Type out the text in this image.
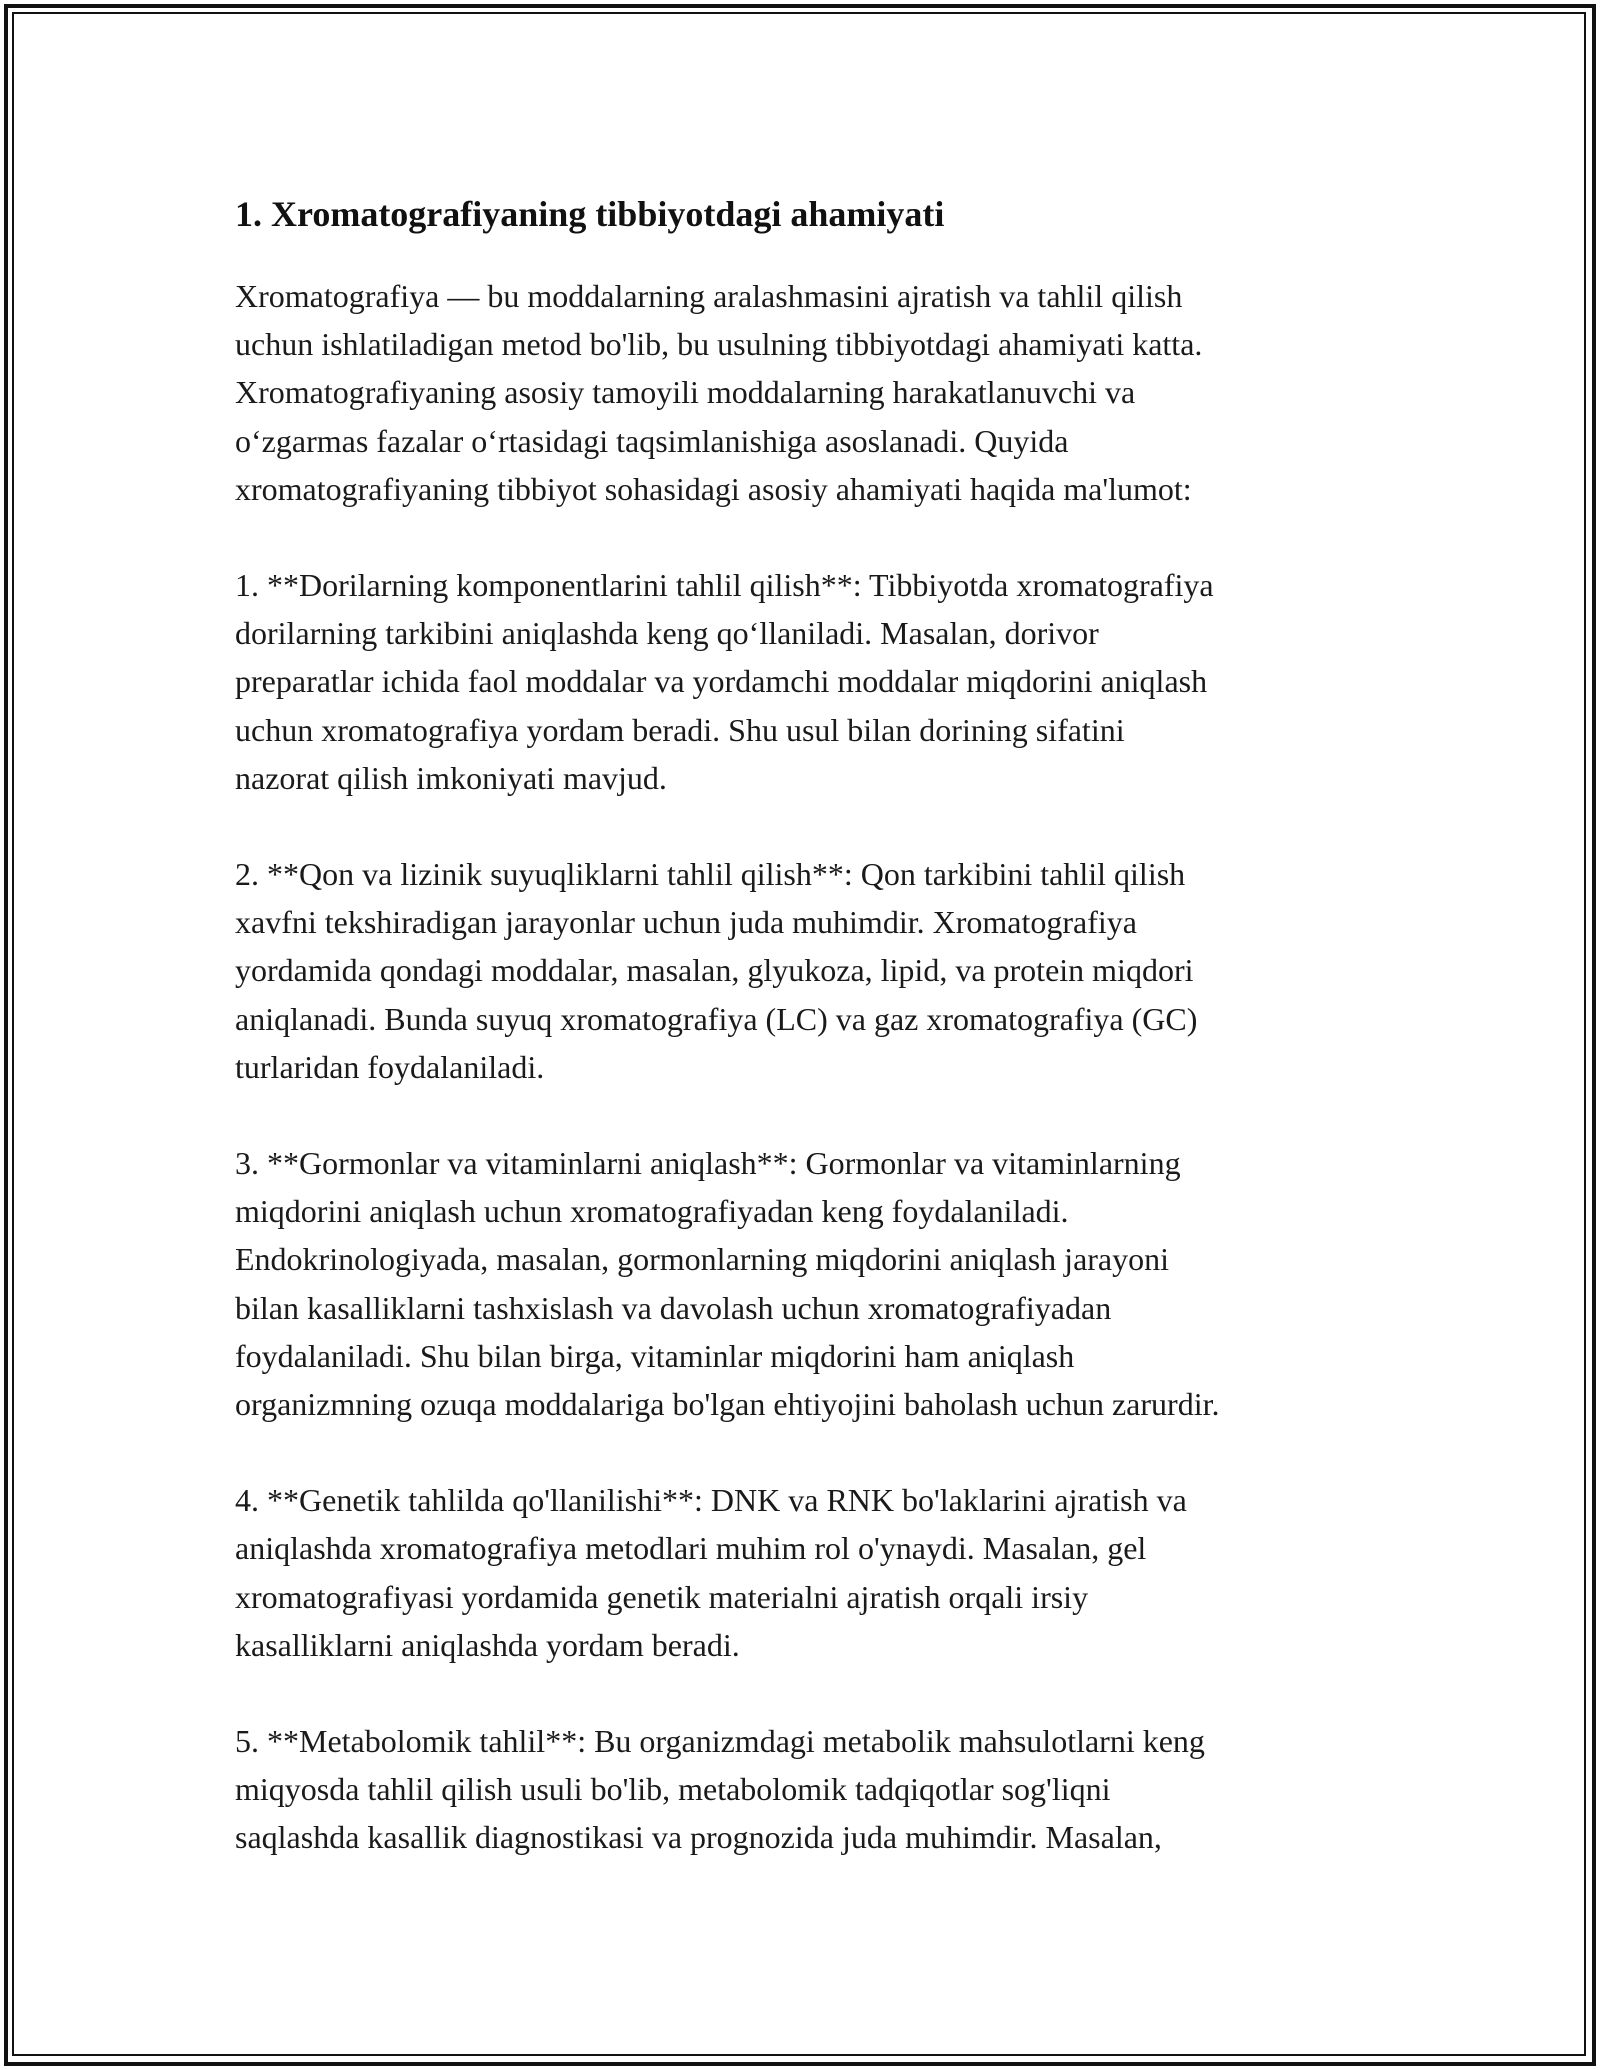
1. Xromatografiyaning tibbiyotdagi ahamiyati

Xromatografiya — bu moddalarning aralashmasini ajratish va tahlil qilish
uchun ishlatiladigan metod bo'lib, bu usulning tibbiyotdagi ahamiyati katta.
Xromatografiyaning asosiy tamoyili moddalarning harakatlanuvchi va
o‘zgarmas fazalar o‘rtasidagi taqsimlanishiga asoslanadi. Quyida
xromatografiyaning tibbiyot sohasidagi asosiy ahamiyati haqida ma'lumot:

1. **Dorilarning komponentlarini tahlil qilish**: Tibbiyotda xromatografiya
dorilarning tarkibini aniqlashda keng qo‘llaniladi. Masalan, dorivor
preparatlar ichida faol moddalar va yordamchi moddalar miqdorini aniqlash
uchun xromatografiya yordam beradi. Shu usul bilan dorining sifatini
nazorat qilish imkoniyati mavjud.

2. **Qon va lizinik suyuqliklarni tahlil qilish**: Qon tarkibini tahlil qilish
xavfni tekshiradigan jarayonlar uchun juda muhimdir. Xromatografiya
yordamida qondagi moddalar, masalan, glyukoza, lipid, va protein miqdori
aniqlanadi. Bunda suyuq xromatografiya (LC) va gaz xromatografiya (GC)
turlaridan foydalaniladi.

3. **Gormonlar va vitaminlarni aniqlash**: Gormonlar va vitaminlarning
miqdorini aniqlash uchun xromatografiyadan keng foydalaniladi.
Endokrinologiyada, masalan, gormonlarning miqdorini aniqlash jarayoni
bilan kasalliklarni tashxislash va davolash uchun xromatografiyadan
foydalaniladi. Shu bilan birga, vitaminlar miqdorini ham aniqlash
organizmning ozuqa moddalariga bo'lgan ehtiyojini baholash uchun zarurdir.

4. **Genetik tahlilda qo'llanilishi**: DNK va RNK bo'laklarini ajratish va
aniqlashda xromatografiya metodlari muhim rol o'ynaydi. Masalan, gel
xromatografiyasi yordamida genetik materialni ajratish orqali irsiy
kasalliklarni aniqlashda yordam beradi.

5. **Metabolomik tahlil**: Bu organizmdagi metabolik mahsulotlarni keng
miqyosda tahlil qilish usuli bo'lib, metabolomik tadqiqotlar sog'liqni
saqlashda kasallik diagnostikasi va prognozida juda muhimdir. Masalan,
